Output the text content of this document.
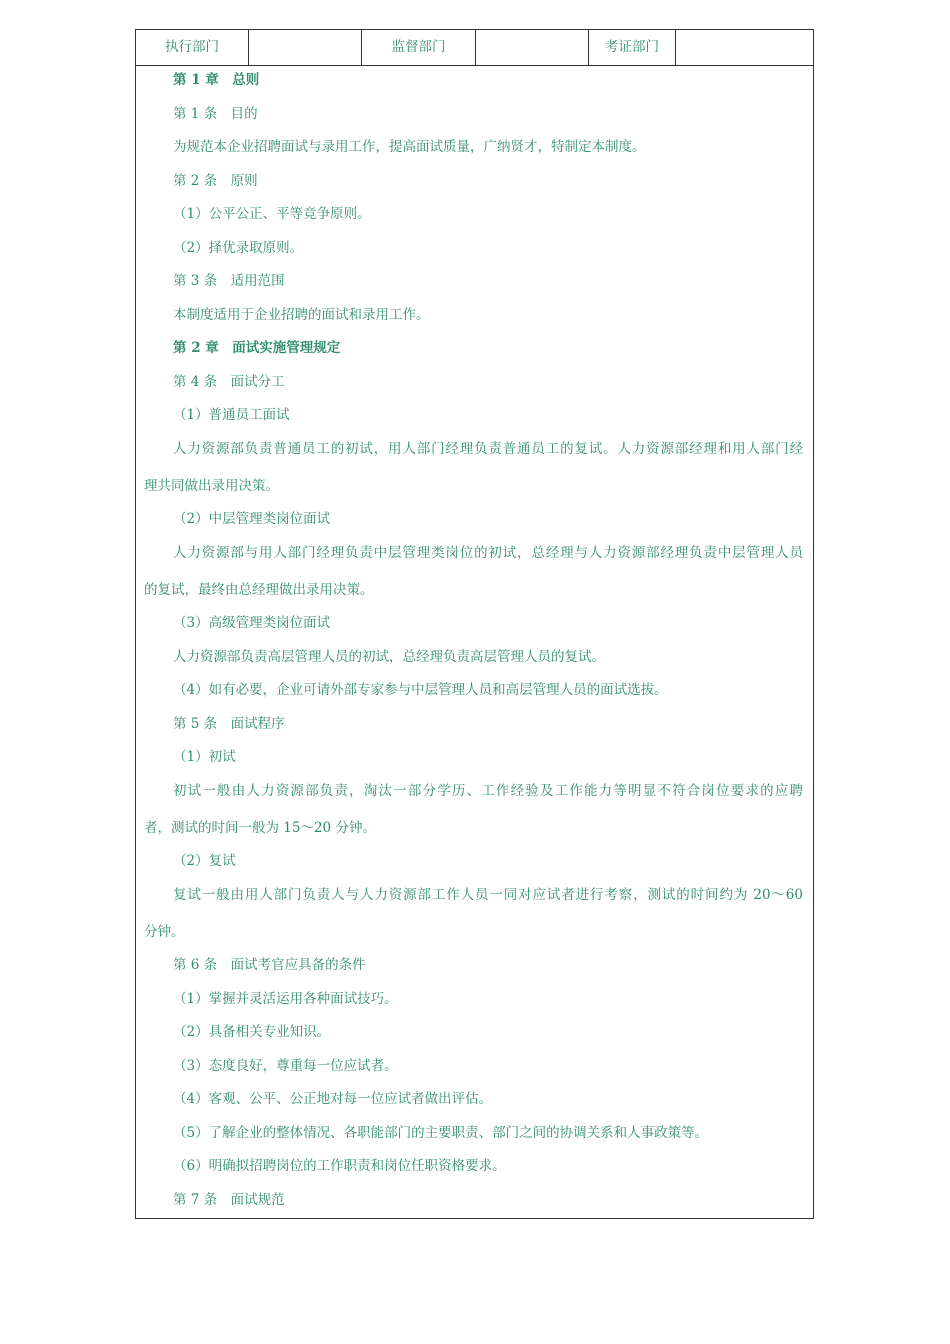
执行部门	监督部门	考证部门
第 1 章　总则
第 1 条　目的
为规范本企业招聘面试与录用工作，提高面试质量，广纳贤才，特制定本制度。
第 2 条　原则
（1）公平公正、平等竞争原则。
（2）择优录取原则。
第 3 条　适用范围
本制度适用于企业招聘的面试和录用工作。
第 2 章　面试实施管理规定
第 4 条　面试分工
（1）普通员工面试
人力资源部负责普通员工的初试，用人部门经理负责普通员工的复试。人力资源部经理和用人部门经
理共同做出录用决策。
（2）中层管理类岗位面试
人力资源部与用人部门经理负责中层管理类岗位的初试，总经理与人力资源部经理负责中层管理人员
的复试，最终由总经理做出录用决策。
（3）高级管理类岗位面试
人力资源部负责高层管理人员的初试，总经理负责高层管理人员的复试。
（4）如有必要，企业可请外部专家参与中层管理人员和高层管理人员的面试选拔。
第 5 条　面试程序
（1）初试
初试一般由人力资源部负责，淘汰一部分学历、工作经验及工作能力等明显不符合岗位要求的应聘
者，测试的时间一般为 15～20 分钟。
（2）复试
复试一般由用人部门负责人与人力资源部工作人员一同对应试者进行考察，测试的时间约为 20～60
分钟。
第 6 条　面试考官应具备的条件
（1）掌握并灵活运用各种面试技巧。
（2）具备相关专业知识。
（3）态度良好，尊重每一位应试者。
（4）客观、公平、公正地对每一位应试者做出评估。
（5）了解企业的整体情况、各职能部门的主要职责、部门之间的协调关系和人事政策等。
（6）明确拟招聘岗位的工作职责和岗位任职资格要求。
第 7 条　面试规范
